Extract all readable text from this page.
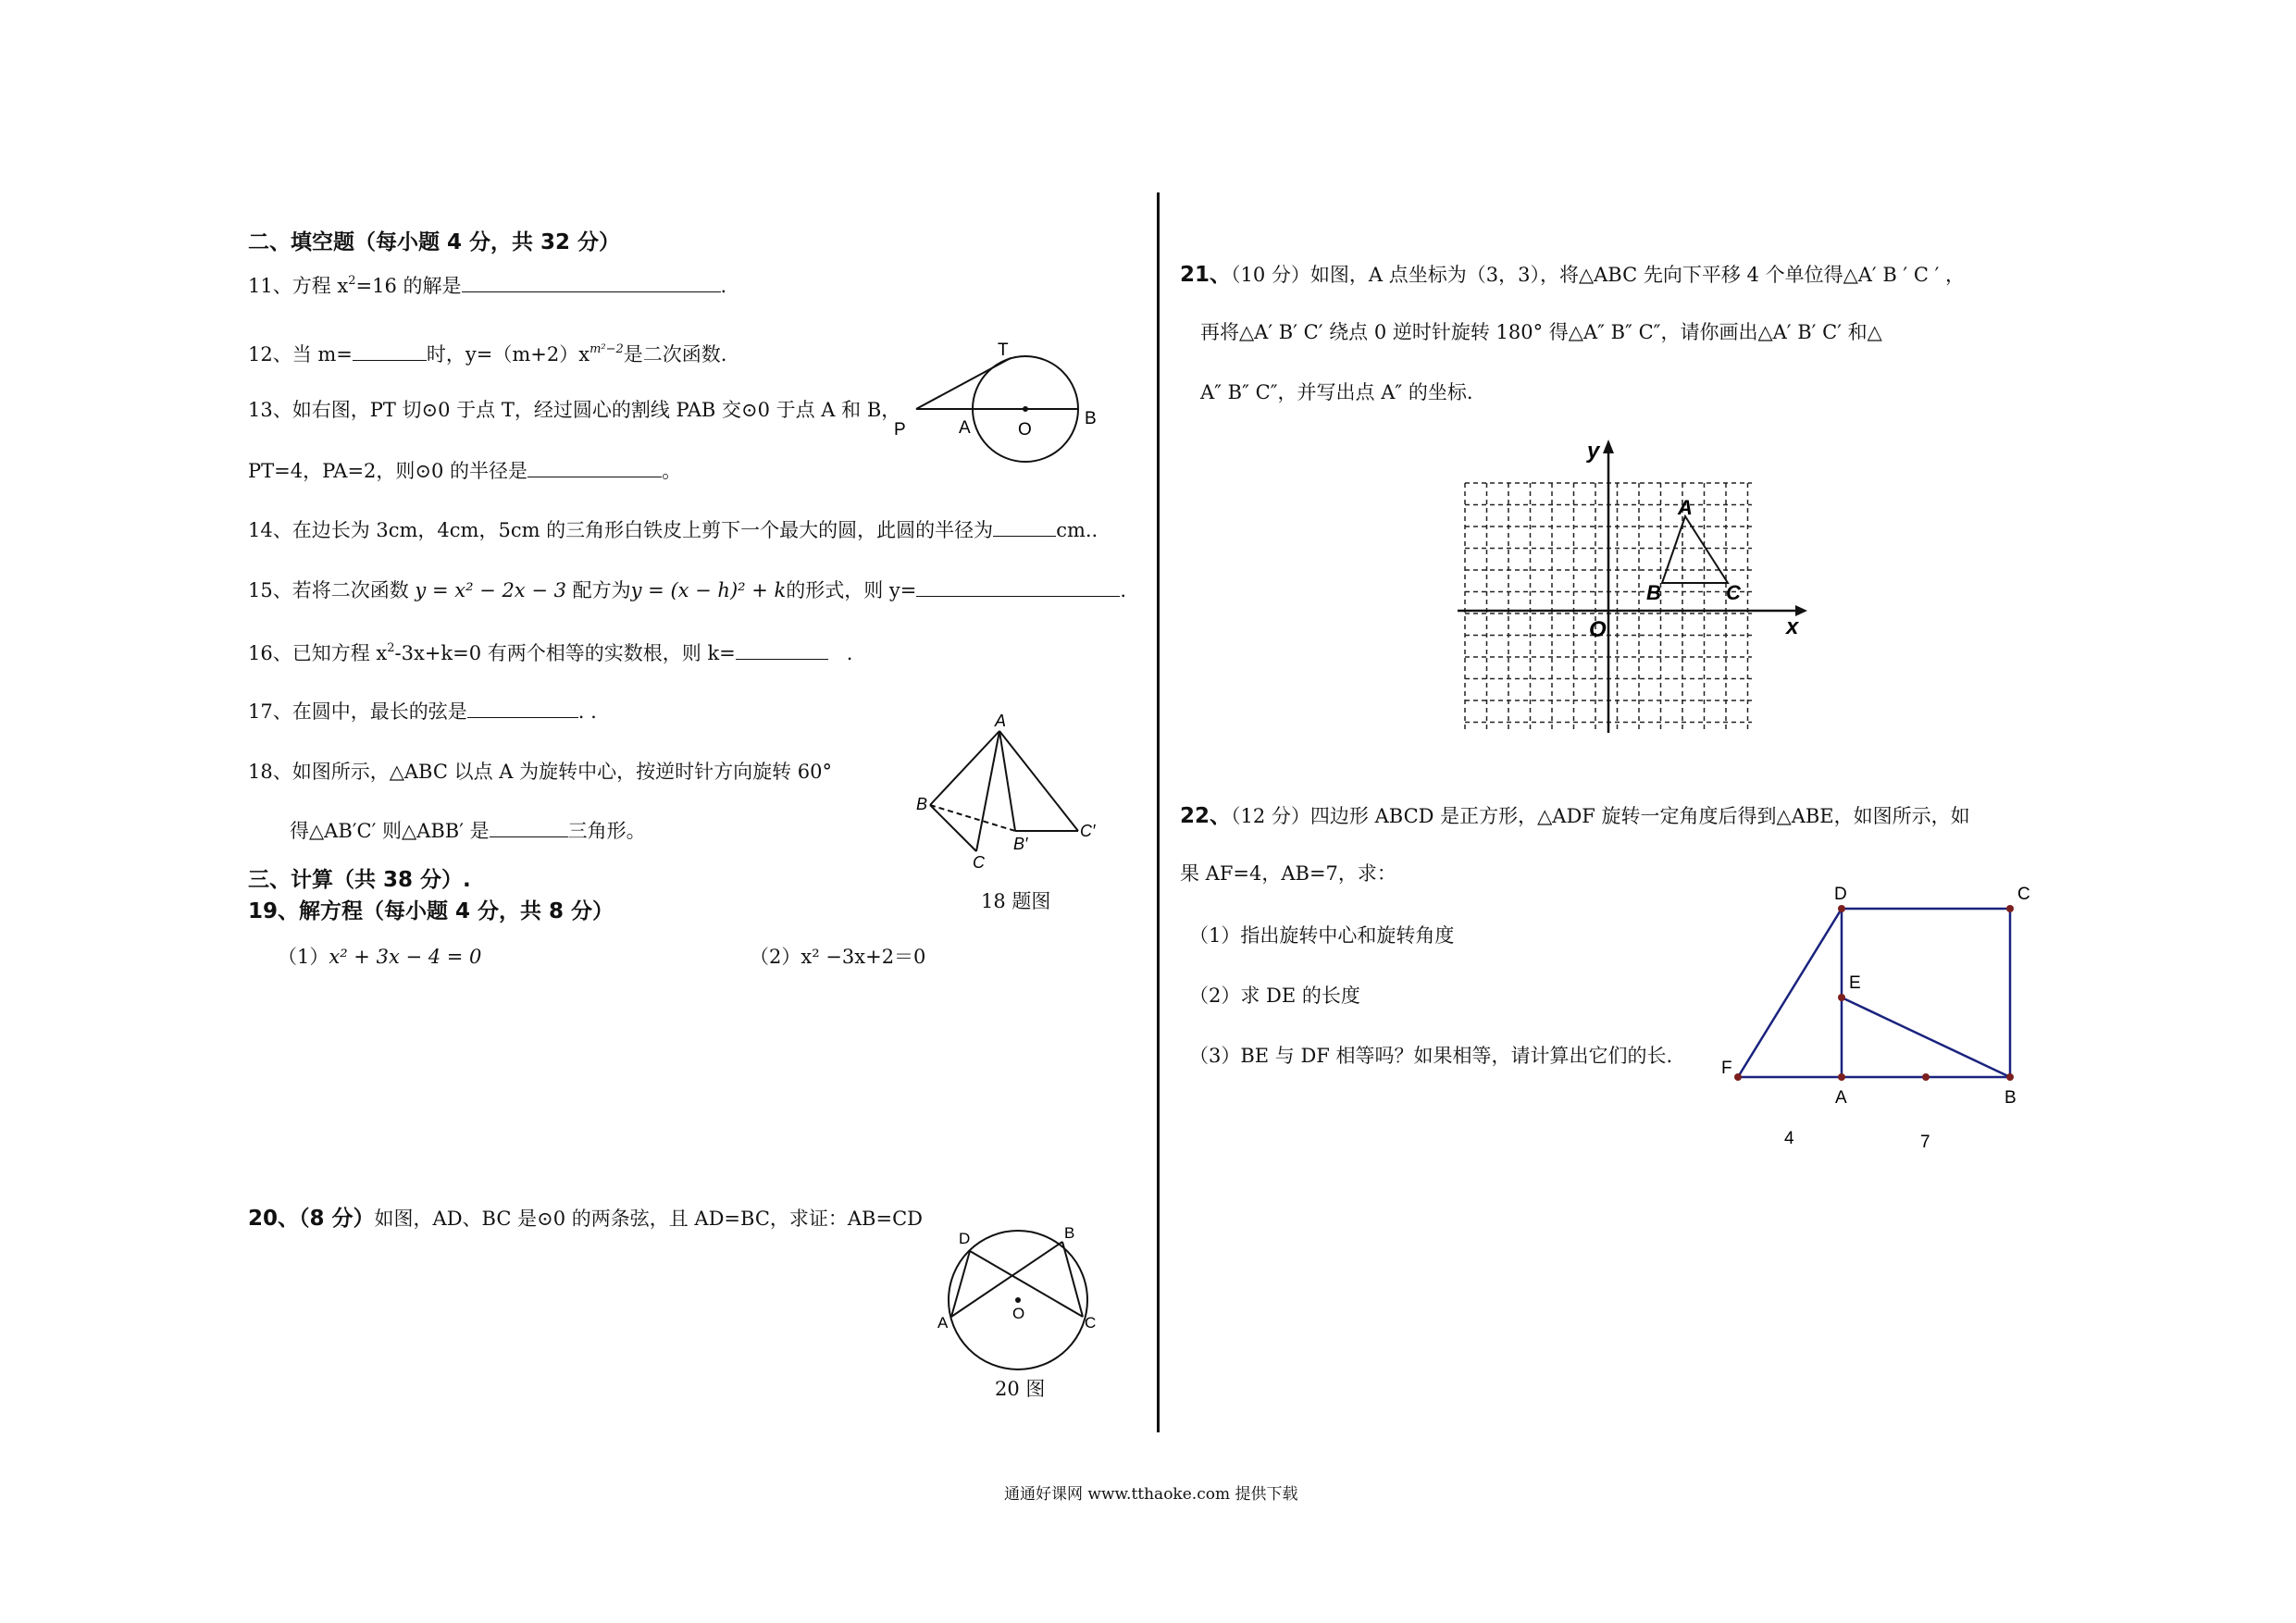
二、填空题（每小题 4 分，共 32 分）
11、方程 $x^2=16$ 的解是	.
12、当 m=	时，$y=(m+2)x^{m^2-2}$是二次函数.
13、如右图，PT 切⊙0 于点 T，经过圆心的割线 PAB 交⊙0 于点 A 和 B，
PT=4，PA=2，则⊙0 的半径是	。
14、在边长为 3cm，4cm，5cm 的三角形白铁皮上剪下一个最大的圆，此圆的半径为	cm..
15、若将二次函数 y = x² − 2x − 3 配方为y = (x − h)² + k的形式，则 y=	.
16、已知方程 $x^2-3x+k=0$ 有两个相等的实数根，则 k=	.
17、在圆中，最长的弦是	. .
18、如图所示，△ABC 以点 A 为旋转中心，按逆时针方向旋转 60°
得△AB′C′ 则△ABB′ 是	三角形。
三、计算（共 38 分）.
19、解方程（每小题 4 分，共 8 分）
（1）x² + 3x − 4 = 0	（2）x² −3x+2＝0
20、（8 分）如图，AD、BC 是⊙0 的两条弦，且 AD=BC，求证：AB=CD
P	A	O
B
T
A
B
C
B′
C′
18 题图
D	B
A	C
O
20 图
21、（10 分）如图，A 点坐标为（3，3），将△ABC 先向下平移 4 个单位得△A′ B ′ C ′ ，
再将△A′ B′ C′ 绕点 0 逆时针旋转 180° 得△A″ B″ C″，请你画出△A′ B′ C′ 和△
A″ B″ C″，并写出点 A″ 的坐标.
x
y
O
A
B	C
22、（12 分）四边形 ABCD 是正方形，△ADF 旋转一定角度后得到△ABE，如图所示，如
果 AF=4，AB=7，求：
（1）指出旋转中心和旋转角度
（2）求 DE 的长度
（3）BE 与 DF 相等吗？如果相等，请计算出它们的长.
D	C
E
F
A	B
4	7
通通好课网 www.tthaoke.com 提供下载
